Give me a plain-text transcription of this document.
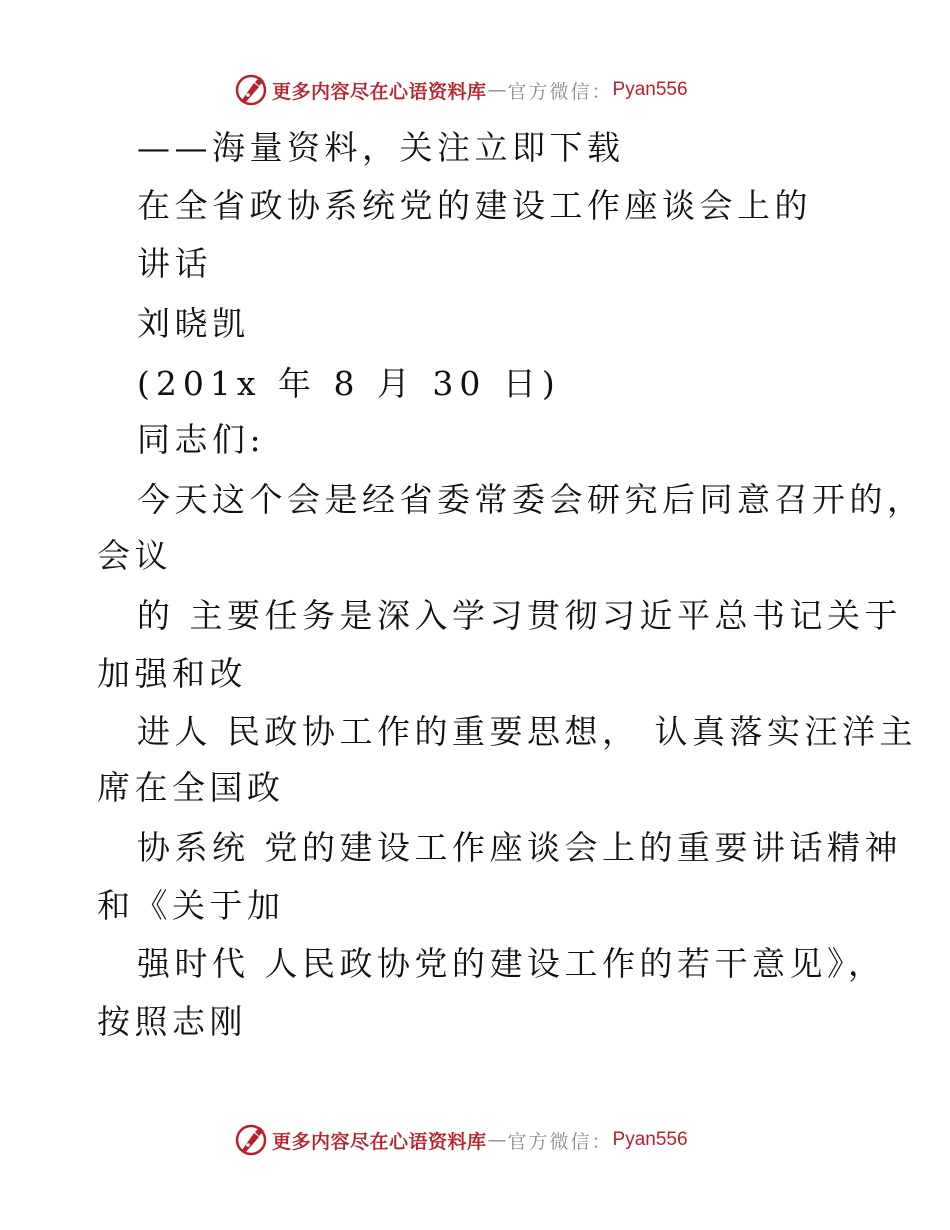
更多内容尽在心语资料库 — 官方微信： Pyan556
——海量资料，关注立即下载
在全省政协系统党的建设工作座谈会上的
讲话
刘晓凯
(201x 年 8 月 30 日)
同志们:
今天这个会是经省委常委会研究后同意召开的，
会议
的 主要任务是深入学习贯彻习近平总书记关于
加强和改
进人 民政协工作的重要思想， 认真落实汪洋主
席在全国政
协系统 党的建设工作座谈会上的重要讲话精神
和《关于加
强时代 人民政协党的建设工作的若干意见》，
按照志刚
更多内容尽在心语资料库 — 官方微信： Pyan556
